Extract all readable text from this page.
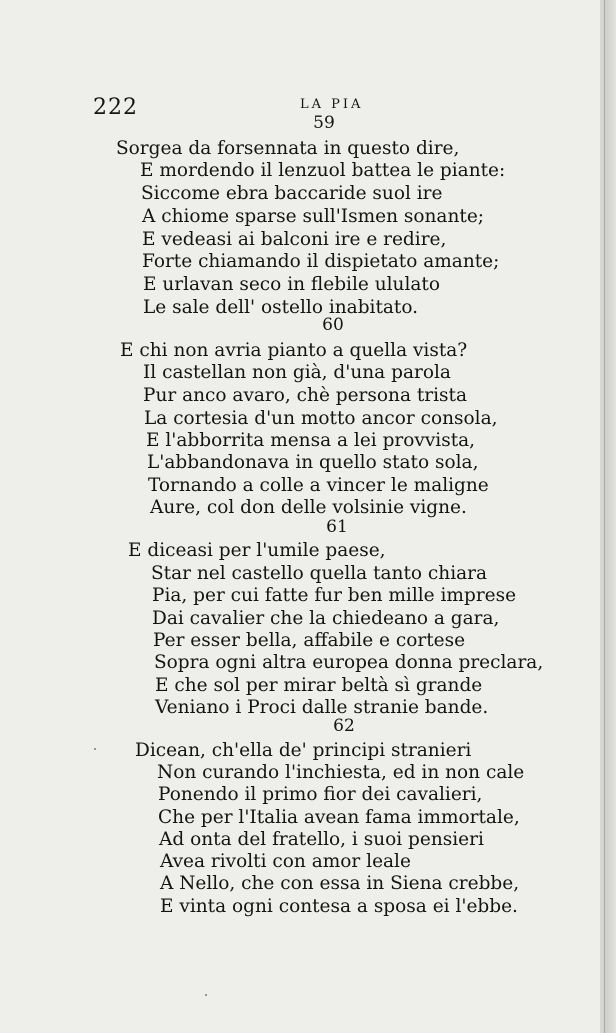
222	LA PIA
59
Sorgea da forsennata in questo dire,
E mordendo il lenzuol battea le piante:
Siccome ebra baccaride suol ire
A chiome sparse sull'Ismen sonante;
E vedeasi ai balconi ire e redire,
Forte chiamando il dispietato amante;
E urlavan seco in flebile ululato
Le sale dell' ostello inabitato.
60
E chi non avria pianto a quella vista?
Il castellan non già, d'una parola
Pur anco avaro, chè persona trista
La cortesia d'un motto ancor consola,
E l'abborrita mensa a lei provvista,
L'abbandonava in quello stato sola,
Tornando a colle a vincer le maligne
Aure, col don delle volsinie vigne.
61
E diceasi per l'umile paese,
Star nel castello quella tanto chiara
Pia, per cui fatte fur ben mille imprese
Dai cavalier che la chiedeano a gara,
Per esser bella, affabile e cortese
Sopra ogni altra europea donna preclara,
E che sol per mirar beltà sì grande
Veniano i Proci dalle stranie bande.
62
Dicean, ch'ella de' principi stranieri
Non curando l'inchiesta, ed in non cale
Ponendo il primo fior dei cavalieri,
Che per l'Italia avean fama immortale,
Ad onta del fratello, i suoi pensieri
Avea rivolti con amor leale
A Nello, che con essa in Siena crebbe,
E vinta ogni contesa a sposa ei l'ebbe.
